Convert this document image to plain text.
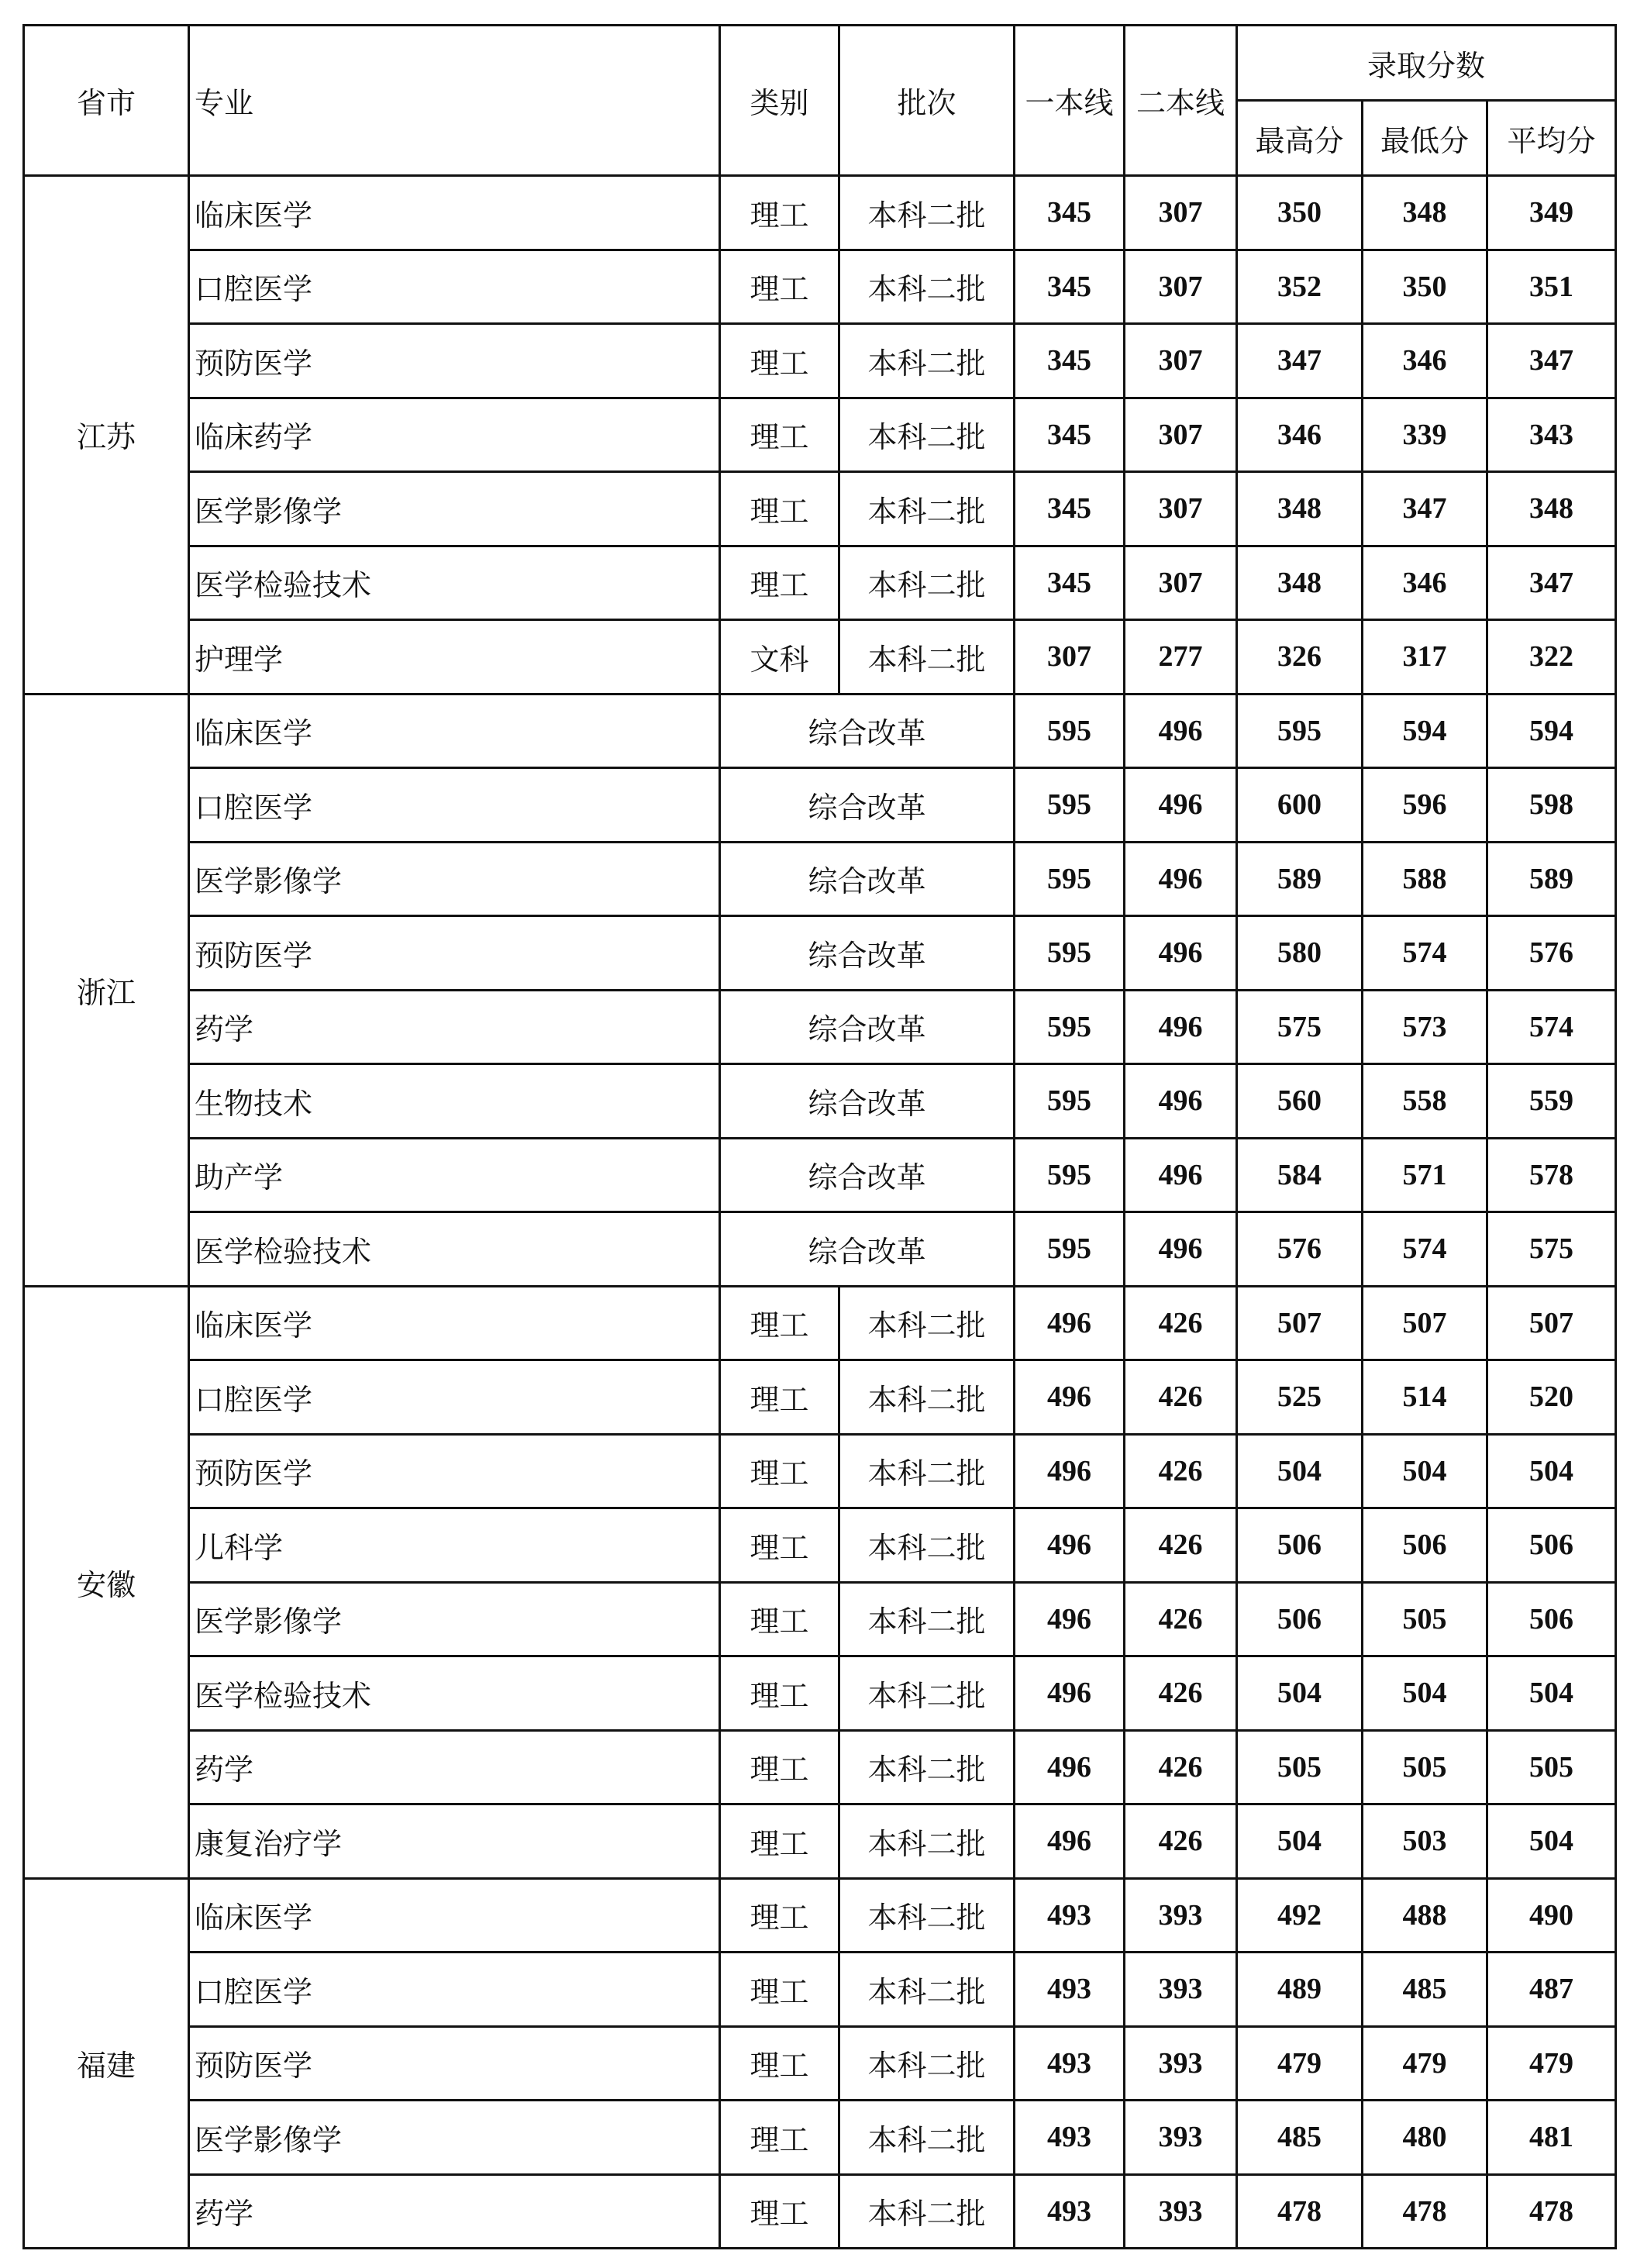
省市	专业	类别	批次	一本线	二本线	录取分数		
						最高分	最低分	平均分
江苏	临床医学	理工	本科二批	345	307	350	348	349
	口腔医学	理工	本科二批	345	307	352	350	351
	预防医学	理工	本科二批	345	307	347	346	347
	临床药学	理工	本科二批	345	307	346	339	343
	医学影像学	理工	本科二批	345	307	348	347	348
	医学检验技术	理工	本科二批	345	307	348	346	347
	护理学	文科	本科二批	307	277	326	317	322
浙江	临床医学	综合改革		595	496	595	594	594
	口腔医学	综合改革		595	496	600	596	598
	医学影像学	综合改革		595	496	589	588	589
	预防医学	综合改革		595	496	580	574	576
	药学	综合改革		595	496	575	573	574
	生物技术	综合改革		595	496	560	558	559
	助产学	综合改革		595	496	584	571	578
	医学检验技术	综合改革		595	496	576	574	575
安徽	临床医学	理工	本科二批	496	426	507	507	507
	口腔医学	理工	本科二批	496	426	525	514	520
	预防医学	理工	本科二批	496	426	504	504	504
	儿科学	理工	本科二批	496	426	506	506	506
	医学影像学	理工	本科二批	496	426	506	505	506
	医学检验技术	理工	本科二批	496	426	504	504	504
	药学	理工	本科二批	496	426	505	505	505
	康复治疗学	理工	本科二批	496	426	504	503	504
福建	临床医学	理工	本科二批	493	393	492	488	490
	口腔医学	理工	本科二批	493	393	489	485	487
	预防医学	理工	本科二批	493	393	479	479	479
	医学影像学	理工	本科二批	493	393	485	480	481
	药学	理工	本科二批	493	393	478	478	478
